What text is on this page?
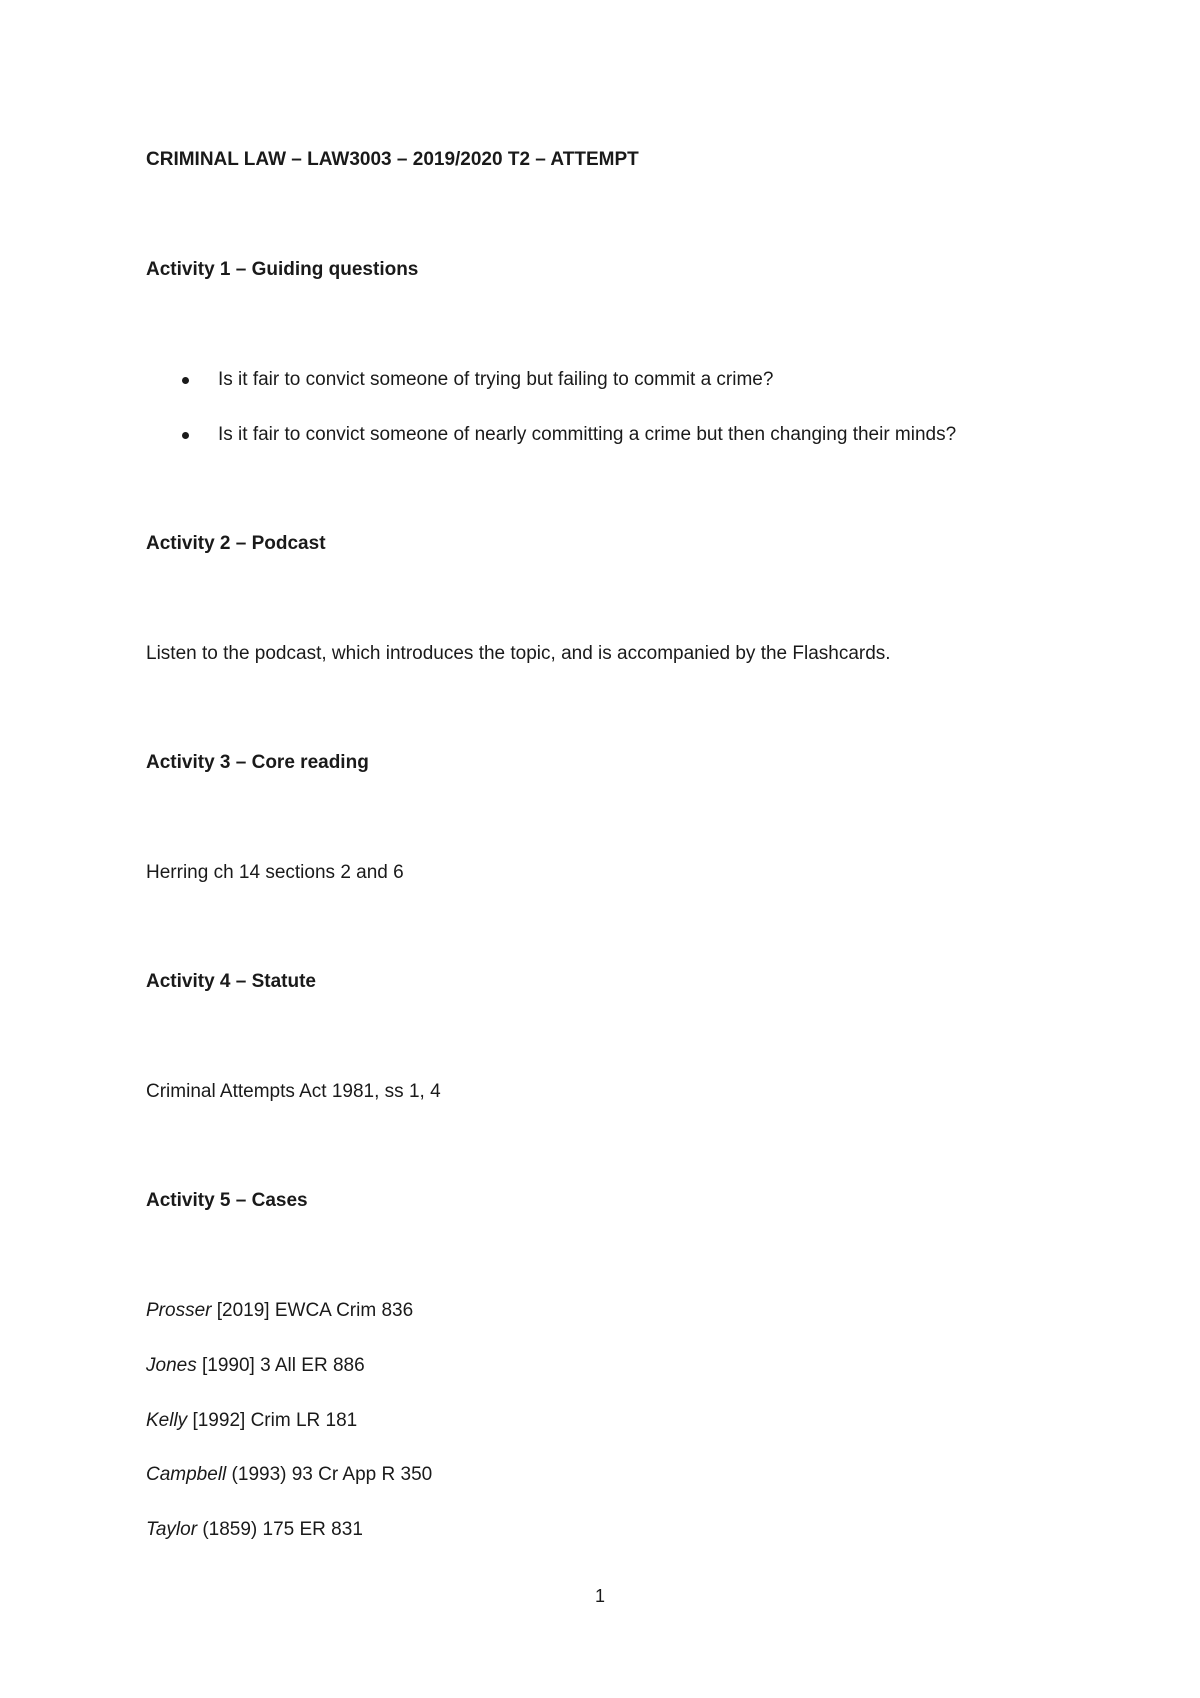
CRIMINAL LAW – LAW3003 – 2019/2020 T2 – ATTEMPT
Activity 1 – Guiding questions
Is it fair to convict someone of trying but failing to commit a crime?
Is it fair to convict someone of nearly committing a crime but then changing their minds?
Activity 2 – Podcast
Listen to the podcast, which introduces the topic, and is accompanied by the Flashcards.
Activity 3 – Core reading
Herring ch 14 sections 2 and 6
Activity 4 – Statute
Criminal Attempts Act 1981, ss 1, 4
Activity 5 – Cases
Prosser [2019] EWCA Crim 836
Jones [1990] 3 All ER 886
Kelly [1992] Crim LR 181
Campbell (1993) 93 Cr App R 350
Taylor (1859) 175 ER 831
1
